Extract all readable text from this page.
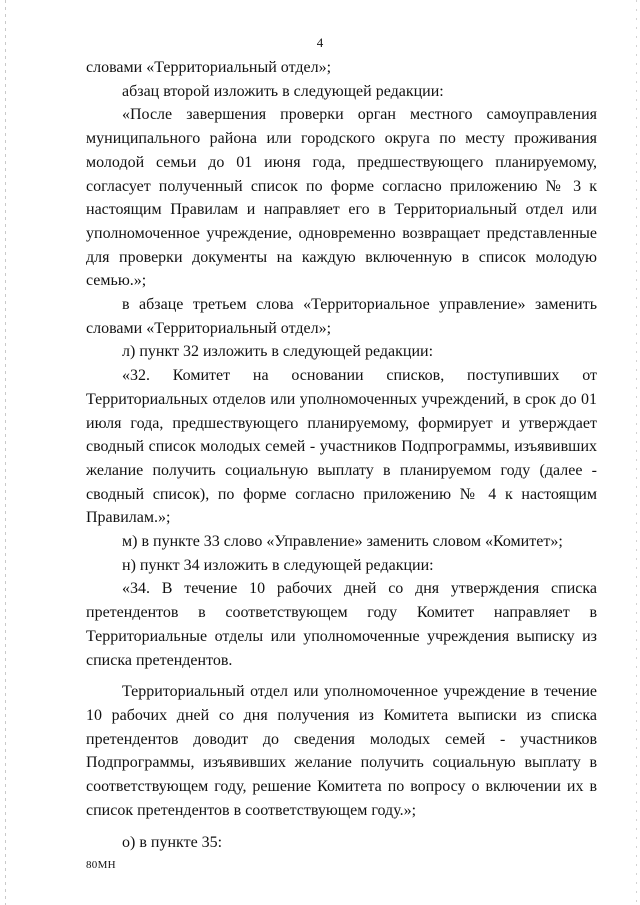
4

словами «Территориальный отдел»;

абзац второй изложить в следующей редакции:

«После завершения проверки орган местного самоуправления муниципального района или городского округа по месту проживания молодой семьи до 01 июня года, предшествующего планируемому, согласует полученный список по форме согласно приложению № 3 к настоящим Правилам и направляет его в Территориальный отдел или уполномоченное учреждение, одновременно возвращает представленные для проверки документы на каждую включенную в список молодую семью.»;

в абзаце третьем слова «Территориальное управление» заменить словами «Территориальный отдел»;

л) пункт 32 изложить в следующей редакции:

«32. Комитет на основании списков, поступивших от Территориальных отделов или уполномоченных учреждений, в срок до 01 июля года, предшествующего планируемому, формирует и утверждает сводный список молодых семей - участников Подпрограммы, изъявивших желание получить социальную выплату в планируемом году (далее - сводный список), по форме согласно приложению № 4 к настоящим Правилам.»;

м) в пункте 33 слово «Управление» заменить словом «Комитет»;

н) пункт 34 изложить в следующей редакции:

«34. В течение 10 рабочих дней со дня утверждения списка претендентов в соответствующем году Комитет направляет в Территориальные отделы или уполномоченные учреждения выписку из списка претендентов.

Территориальный отдел или уполномоченное учреждение в течение 10 рабочих дней со дня получения из Комитета выписки из списка претендентов доводит до сведения молодых семей - участников Подпрограммы, изъявивших желание получить социальную выплату в соответствующем году, решение Комитета по вопросу о включении их в список претендентов в соответствующем году.»;

о) в пункте 35:

80МН
